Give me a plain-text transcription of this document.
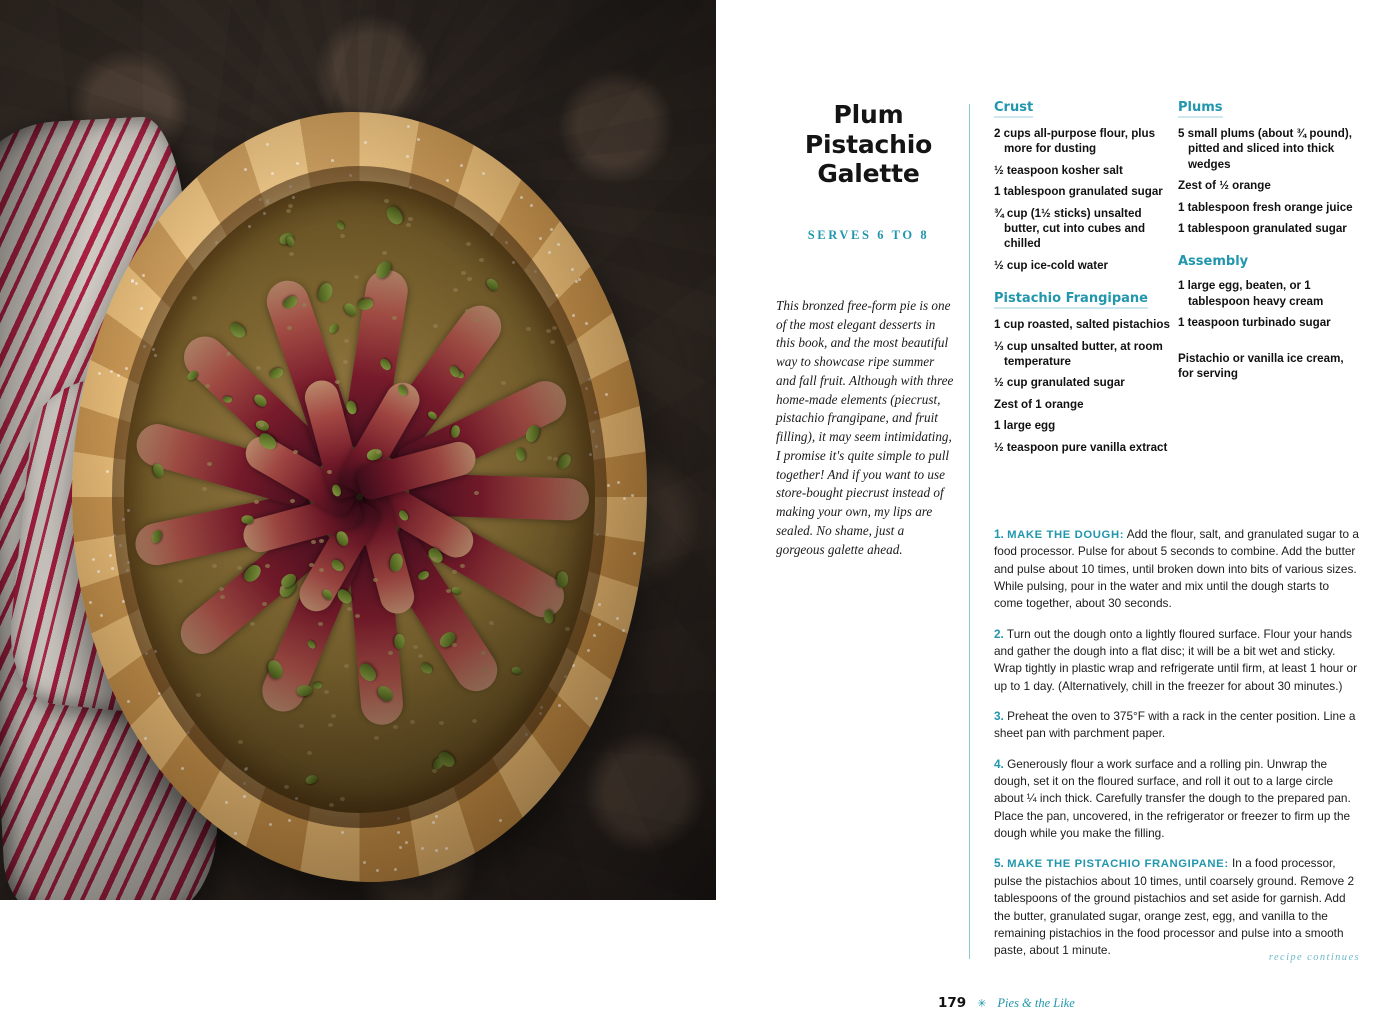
Plum Pistachio Galette
SERVES 6 TO 8
This bronzed free-form pie is one of the most elegant desserts in this book, and the most beautiful way to showcase ripe summer and fall fruit. Although with three home-made elements (piecrust, pistachio frangipane, and fruit filling), it may seem intimidating, I promise it's quite simple to pull together! And if you want to use store-bought piecrust instead of making your own, my lips are sealed. No shame, just a gorgeous galette ahead.
Crust
2 cups all-purpose flour, plus more for dusting
½ teaspoon kosher salt
1 tablespoon granulated sugar
¾ cup (1½ sticks) unsalted butter, cut into cubes and chilled
½ cup ice-cold water
Pistachio Frangipane
1 cup roasted, salted pistachios
⅓ cup unsalted butter, at room temperature
½ cup granulated sugar
Zest of 1 orange
1 large egg
½ teaspoon pure vanilla extract
Plums
5 small plums (about ¾ pound), pitted and sliced into thick wedges
Zest of ½ orange
1 tablespoon fresh orange juice
1 tablespoon granulated sugar
Assembly
1 large egg, beaten, or 1 tablespoon heavy cream
1 teaspoon turbinado sugar
Pistachio or vanilla ice cream, for serving

1. MAKE THE DOUGH: Add the flour, salt, and granulated sugar to a food processor. Pulse for about 5 seconds to combine. Add the butter and pulse about 10 times, until broken down into bits of various sizes. While pulsing, pour in the water and mix until the dough starts to come together, about 30 seconds.

2. Turn out the dough onto a lightly floured surface. Flour your hands and gather the dough into a flat disc; it will be a bit wet and sticky. Wrap tightly in plastic wrap and refrigerate until firm, at least 1 hour or up to 1 day. (Alternatively, chill in the freezer for about 30 minutes.)

3. Preheat the oven to 375°F with a rack in the center position. Line a sheet pan with parchment paper.

4. Generously flour a work surface and a rolling pin. Unwrap the dough, set it on the floured surface, and roll it out to a large circle about ¼ inch thick. Carefully transfer the dough to the prepared pan. Place the pan, uncovered, in the refrigerator or freezer to firm up the dough while you make the filling.

5. MAKE THE PISTACHIO FRANGIPANE: In a food processor, pulse the pistachios about 10 times, until coarsely ground. Remove 2 tablespoons of the ground pistachios and set aside for garnish. Add the butter, granulated sugar, orange zest, egg, and vanilla to the remaining pistachios in the food processor and pulse into a smooth paste, about 1 minute.

recipe continues
179 ✳ Pies & the Like
